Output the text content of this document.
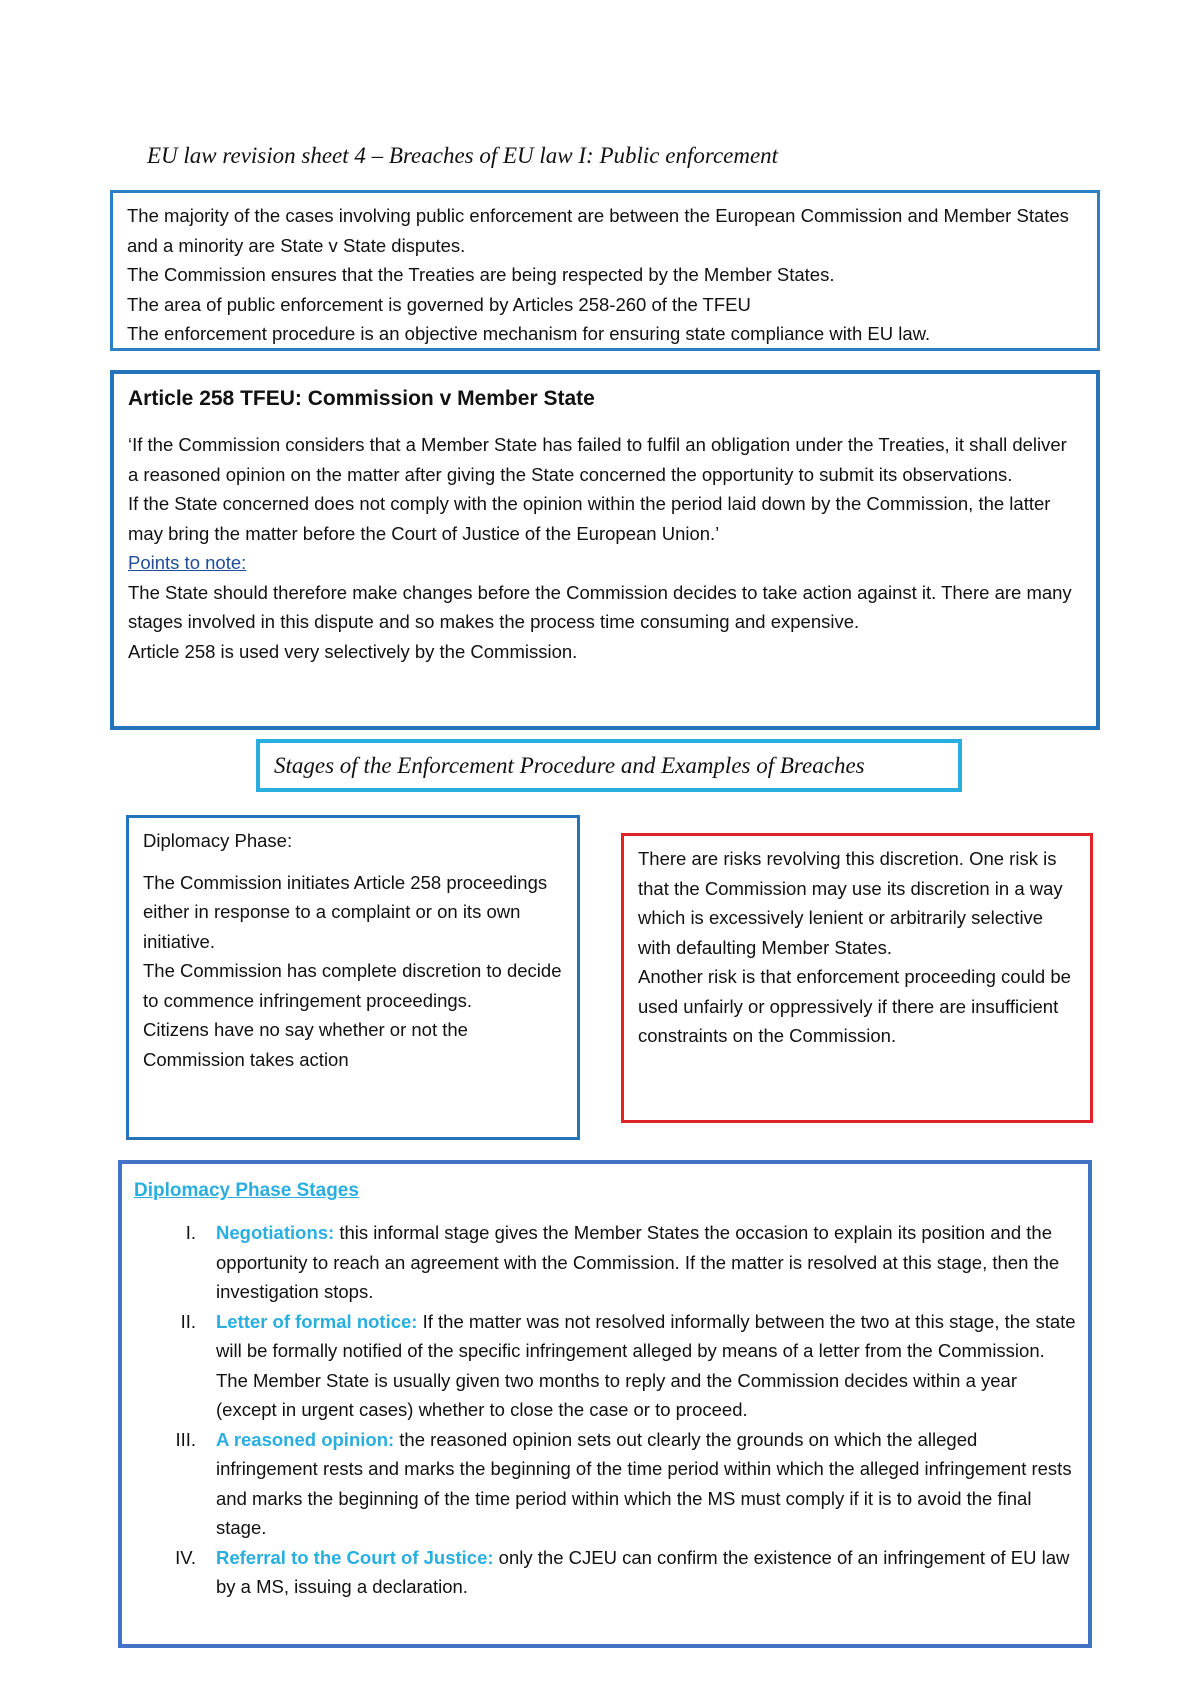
EU law revision sheet 4 – Breaches of EU law I: Public enforcement

The majority of the cases involving public enforcement are between the European Commission and Member States and a minority are State v State disputes.

The Commission ensures that the Treaties are being respected by the Member States.

The area of public enforcement is governed by Articles 258-260 of the TFEU

The enforcement procedure is an objective mechanism for ensuring state compliance with EU law.

Article 258 TFEU: Commission v Member State

‘If the Commission considers that a Member State has failed to fulfil an obligation under the Treaties, it shall deliver a reasoned opinion on the matter after giving the State concerned the opportunity to submit its observations.

If the State concerned does not comply with the opinion within the period laid down by the Commission, the latter may bring the matter before the Court of Justice of the European Union.’

Points to note:

The State should therefore make changes before the Commission decides to take action against it. There are many stages involved in this dispute and so makes the process time consuming and expensive.

Article 258 is used very selectively by the Commission.

Stages of the Enforcement Procedure and Examples of Breaches

Diplomacy Phase:

The Commission initiates Article 258 proceedings either in response to a complaint or on its own initiative.

The Commission has complete discretion to decide to commence infringement proceedings.

Citizens have no say whether or not the Commission takes action

There are risks revolving this discretion. One risk is that the Commission may use its discretion in a way which is excessively lenient or arbitrarily selective with defaulting Member States.

Another risk is that enforcement proceeding could be used unfairly or oppressively if there are insufficient constraints on the Commission.

Diplomacy Phase Stages
I.	Negotiations: this informal stage gives the Member States the occasion to explain its position and the opportunity to reach an agreement with the Commission. If the matter is resolved at this stage, then the investigation stops.
II.	Letter of formal notice: If the matter was not resolved informally between the two at this stage, the state will be formally notified of the specific infringement alleged by means of a letter from the Commission. The Member State is usually given two months to reply and the Commission decides within a year (except in urgent cases) whether to close the case or to proceed.
III.	A reasoned opinion: the reasoned opinion sets out clearly the grounds on which the alleged infringement rests and marks the beginning of the time period within which the alleged infringement rests and marks the beginning of the time period within which the MS must comply if it is to avoid the final stage.
IV.	Referral to the Court of Justice: only the CJEU can confirm the existence of an infringement of EU law by a MS, issuing a declaration.
